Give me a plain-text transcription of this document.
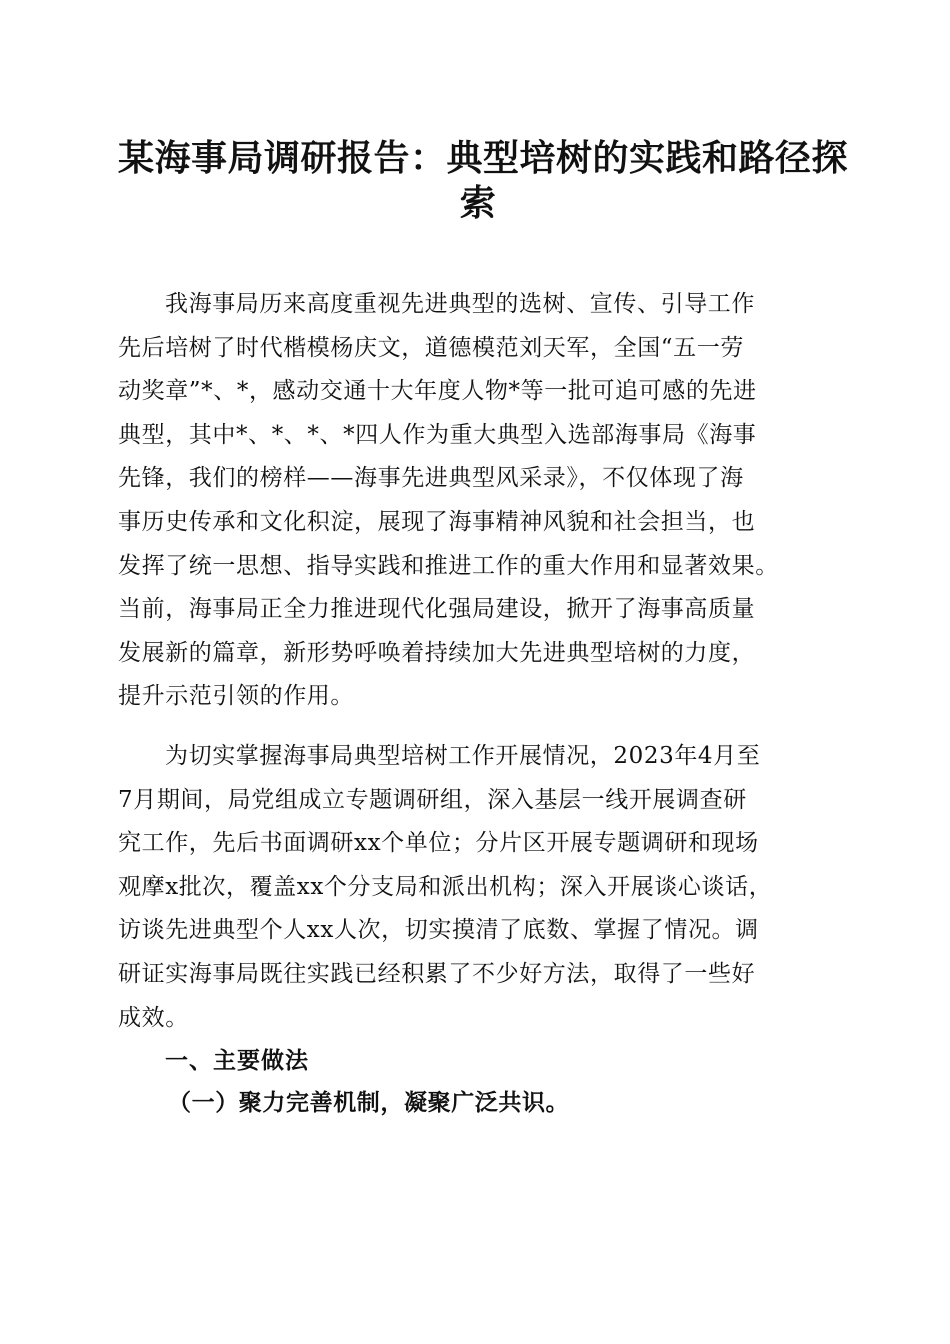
某海事局调研报告：典型培树的实践和路径探
索
我海事局历来高度重视先进典型的选树、宣传、引导工作
先后培树了时代楷模杨庆文，道德模范刘天军，全国“五一劳
动奖章”*、*，感动交通十大年度人物*等一批可追可感的先进
典型，其中*、*、*、*四人作为重大典型入选部海事局《海事
先锋，我们的榜样——海事先进典型风采录》，不仅体现了海
事历史传承和文化积淀，展现了海事精神风貌和社会担当，也
发挥了统一思想、指导实践和推进工作的重大作用和显著效果。
当前，海事局正全力推进现代化强局建设，掀开了海事高质量
发展新的篇章，新形势呼唤着持续加大先进典型培树的力度，
提升示范引领的作用。
为切实掌握海事局典型培树工作开展情况，2023年4月至
7月期间，局党组成立专题调研组，深入基层一线开展调查研
究工作，先后书面调研xx个单位；分片区开展专题调研和现场
观摩x批次，覆盖xx个分支局和派出机构；深入开展谈心谈话，
访谈先进典型个人xx人次，切实摸清了底数、掌握了情况。调
研证实海事局既往实践已经积累了不少好方法，取得了一些好
成效。
一、主要做法
（一）聚力完善机制，凝聚广泛共识。
